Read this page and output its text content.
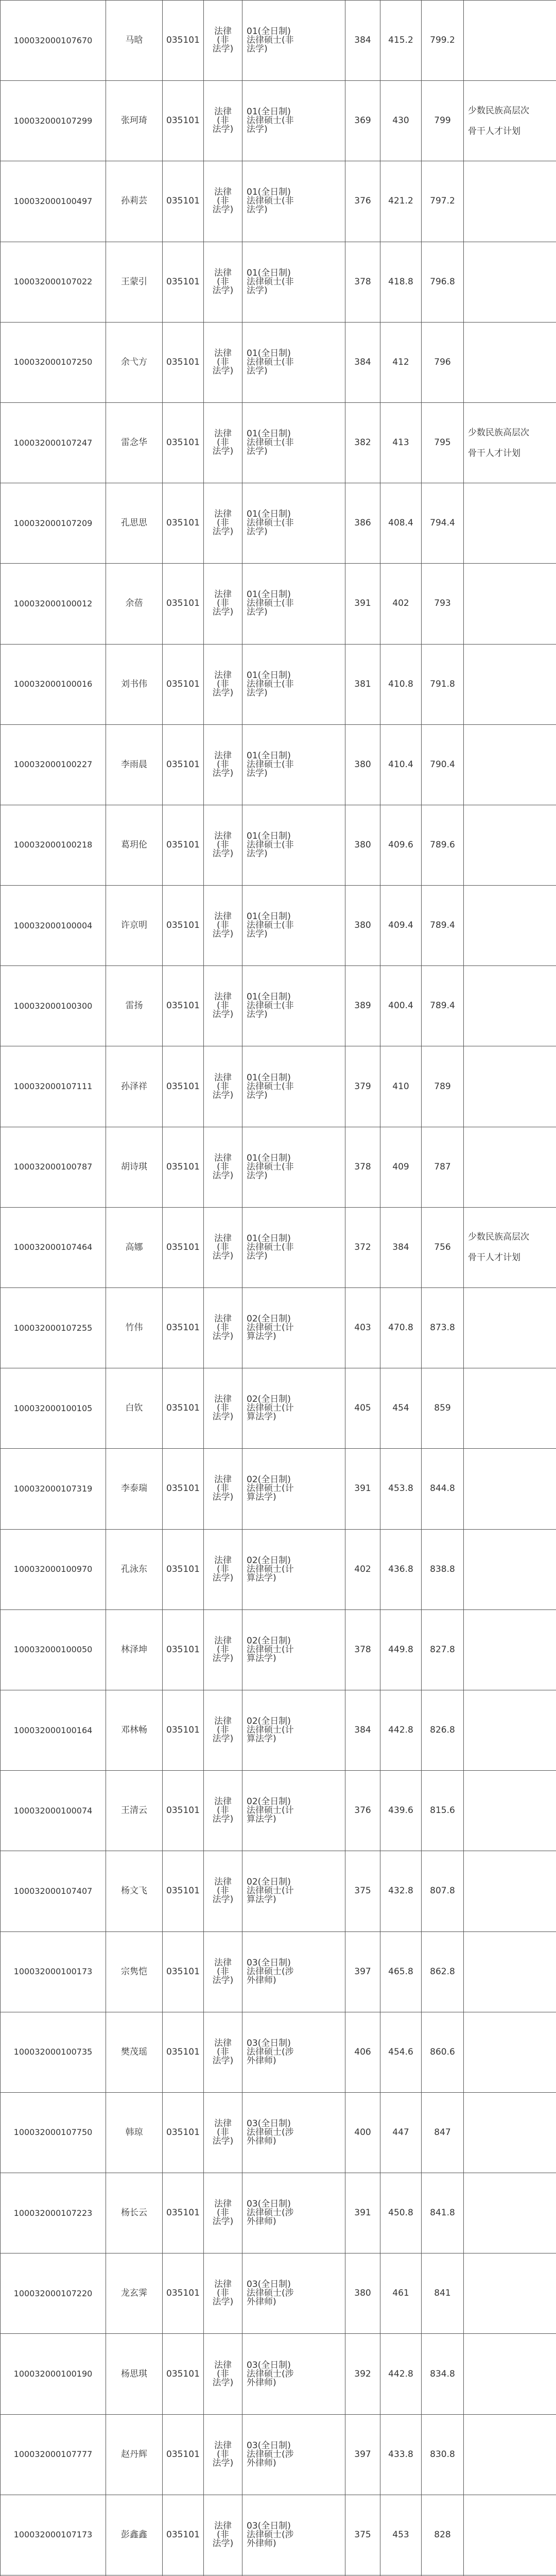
100032000107670	马晗	035101	法律
(非
法学)	01(全日制)
法律硕士(非
法学)	384	415.2	799.2	
100032000107299	张珂琦	035101	法律
(非
法学)	01(全日制)
法律硕士(非
法学)	369	430	799	少数民族高层次
骨干人才计划

100032000100497	孙莉芸	035101	法律
(非
法学)	01(全日制)
法律硕士(非
法学)	376	421.2	797.2	
100032000107022	王蒙引	035101	法律
(非
法学)	01(全日制)
法律硕士(非
法学)	378	418.8	796.8	
100032000107250	余弋方	035101	法律
(非
法学)	01(全日制)
法律硕士(非
法学)	384	412	796	
100032000107247	雷念华	035101	法律
(非
法学)	01(全日制)
法律硕士(非
法学)	382	413	795	少数民族高层次
骨干人才计划

100032000107209	孔思思	035101	法律
(非
法学)	01(全日制)
法律硕士(非
法学)	386	408.4	794.4	
100032000100012	余蓓	035101	法律
(非
法学)	01(全日制)
法律硕士(非
法学)	391	402	793	
100032000100016	刘书伟	035101	法律
(非
法学)	01(全日制)
法律硕士(非
法学)	381	410.8	791.8	
100032000100227	李雨晨	035101	法律
(非
法学)	01(全日制)
法律硕士(非
法学)	380	410.4	790.4	
100032000100218	葛玥伦	035101	法律
(非
法学)	01(全日制)
法律硕士(非
法学)	380	409.6	789.6	
100032000100004	许京明	035101	法律
(非
法学)	01(全日制)
法律硕士(非
法学)	380	409.4	789.4	
100032000100300	雷扬	035101	法律
(非
法学)	01(全日制)
法律硕士(非
法学)	389	400.4	789.4	
100032000107111	孙泽祥	035101	法律
(非
法学)	01(全日制)
法律硕士(非
法学)	379	410	789	
100032000100787	胡诗琪	035101	法律
(非
法学)	01(全日制)
法律硕士(非
法学)	378	409	787	
100032000107464	高娜	035101	法律
(非
法学)	01(全日制)
法律硕士(非
法学)	372	384	756	少数民族高层次
骨干人才计划

100032000107255	竹伟	035101	法律
(非
法学)	02(全日制)
法律硕士(计
算法学)	403	470.8	873.8	
100032000100105	白钦	035101	法律
(非
法学)	02(全日制)
法律硕士(计
算法学)	405	454	859	
100032000107319	李泰瑞	035101	法律
(非
法学)	02(全日制)
法律硕士(计
算法学)	391	453.8	844.8	
100032000100970	孔泳东	035101	法律
(非
法学)	02(全日制)
法律硕士(计
算法学)	402	436.8	838.8	
100032000100050	林泽坤	035101	法律
(非
法学)	02(全日制)
法律硕士(计
算法学)	378	449.8	827.8	
100032000100164	邓林畅	035101	法律
(非
法学)	02(全日制)
法律硕士(计
算法学)	384	442.8	826.8	
100032000100074	王清云	035101	法律
(非
法学)	02(全日制)
法律硕士(计
算法学)	376	439.6	815.6	
100032000107407	杨文飞	035101	法律
(非
法学)	02(全日制)
法律硕士(计
算法学)	375	432.8	807.8	
100032000100173	宗隽恺	035101	法律
(非
法学)	03(全日制)
法律硕士(涉
外律师)	397	465.8	862.8	
100032000100735	樊茂瑶	035101	法律
(非
法学)	03(全日制)
法律硕士(涉
外律师)	406	454.6	860.6	
100032000107750	韩琼	035101	法律
(非
法学)	03(全日制)
法律硕士(涉
外律师)	400	447	847	
100032000107223	杨长云	035101	法律
(非
法学)	03(全日制)
法律硕士(涉
外律师)	391	450.8	841.8	
100032000107220	龙玄霁	035101	法律
(非
法学)	03(全日制)
法律硕士(涉
外律师)	380	461	841	
100032000100190	杨思琪	035101	法律
(非
法学)	03(全日制)
法律硕士(涉
外律师)	392	442.8	834.8	
100032000107777	赵丹辉	035101	法律
(非
法学)	03(全日制)
法律硕士(涉
外律师)	397	433.8	830.8	
100032000107173	彭鑫鑫	035101	法律
(非
法学)	03(全日制)
法律硕士(涉
外律师)	375	453	828	
